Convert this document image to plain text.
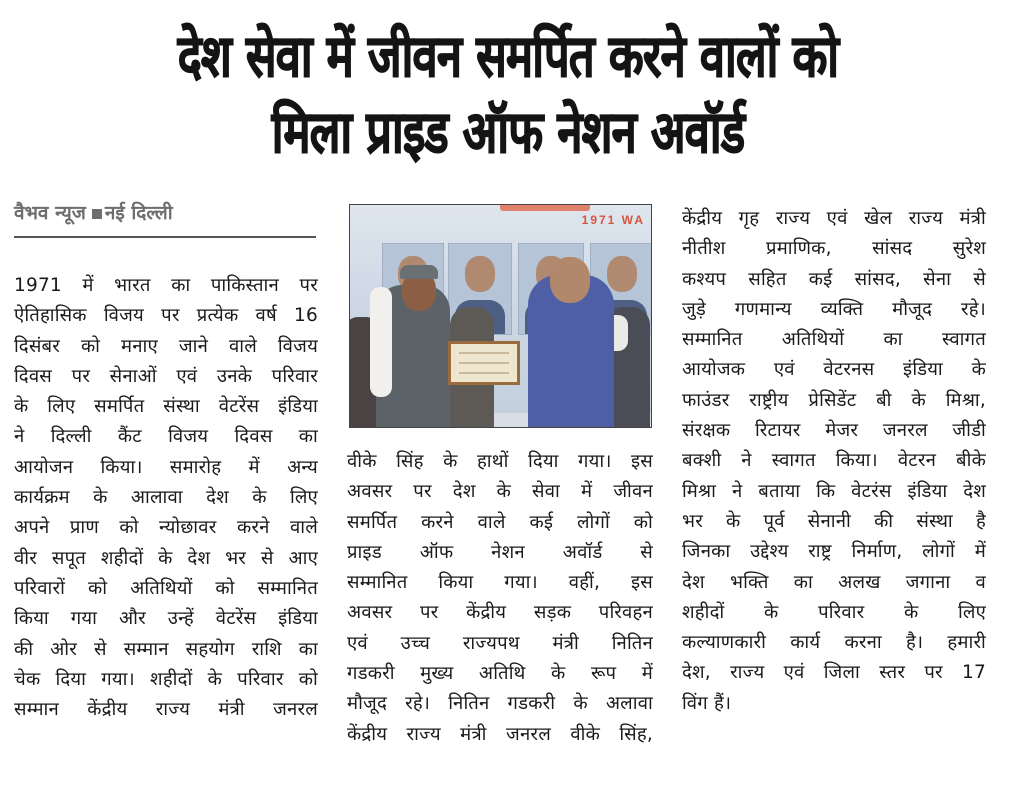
देश सेवा में जीवन समर्पित करने वालों को
मिला प्राइड ऑफ नेशन अवॉर्ड
वैभव न्यूज नई दिल्ली
1971 में भारत का पाकिस्तान पर
ऐतिहासिक विजय पर प्रत्येक वर्ष 16
दिसंबर को मनाए जाने वाले विजय
दिवस पर सेनाओं एवं उनके परिवार
के लिए समर्पित संस्था वेटरेंस इंडिया
ने दिल्ली कैंट विजय दिवस का
आयोजन किया। समारोह में अन्य
कार्यक्रम के आलावा देश के लिए
अपने प्राण को न्योछावर करने वाले
वीर सपूत शहीदों के देश भर से आए
परिवारों को अतिथियों को सम्मानित
किया गया और उन्हें वेटरेंस इंडिया
की ओर से सम्मान सहयोग राशि का
चेक दिया गया। शहीदों के परिवार को
सम्मान केंद्रीय राज्य मंत्री जनरल
1971 WA
वीके सिंह के हाथों दिया गया। इस
अवसर पर देश के सेवा में जीवन
समर्पित करने वाले कई लोगों को
प्राइड ऑफ नेशन अवॉर्ड से
सम्मानित किया गया। वहीं, इस
अवसर पर केंद्रीय सड़क परिवहन
एवं उच्च राज्यपथ मंत्री नितिन
गडकरी मुख्य अतिथि के रूप में
मौजूद रहे। नितिन गडकरी के अलावा
केंद्रीय राज्य मंत्री जनरल वीके सिंह,
केंद्रीय गृह राज्य एवं खेल राज्य मंत्री
नीतीश प्रमाणिक, सांसद सुरेश
कश्यप सहित कई सांसद, सेना से
जुड़े गणमान्य व्यक्ति मौजूद रहे।
सम्मानित अतिथियों का स्वागत
आयोजक एवं वेटरनस इंडिया के
फाउंडर राष्ट्रीय प्रेसिडेंट बी के मिश्रा,
संरक्षक रिटायर मेजर जनरल जीडी
बक्शी ने स्वागत किया। वेटरन बीके
मिश्रा ने बताया कि वेटरंस इंडिया देश
भर के पूर्व सेनानी की संस्था है
जिनका उद्देश्य राष्ट्र निर्माण, लोगों में
देश भक्ति का अलख जगाना व
शहीदों के परिवार के लिए
कल्याणकारी कार्य करना है। हमारी
देश, राज्य एवं जिला स्तर पर 17
विंग हैं।
